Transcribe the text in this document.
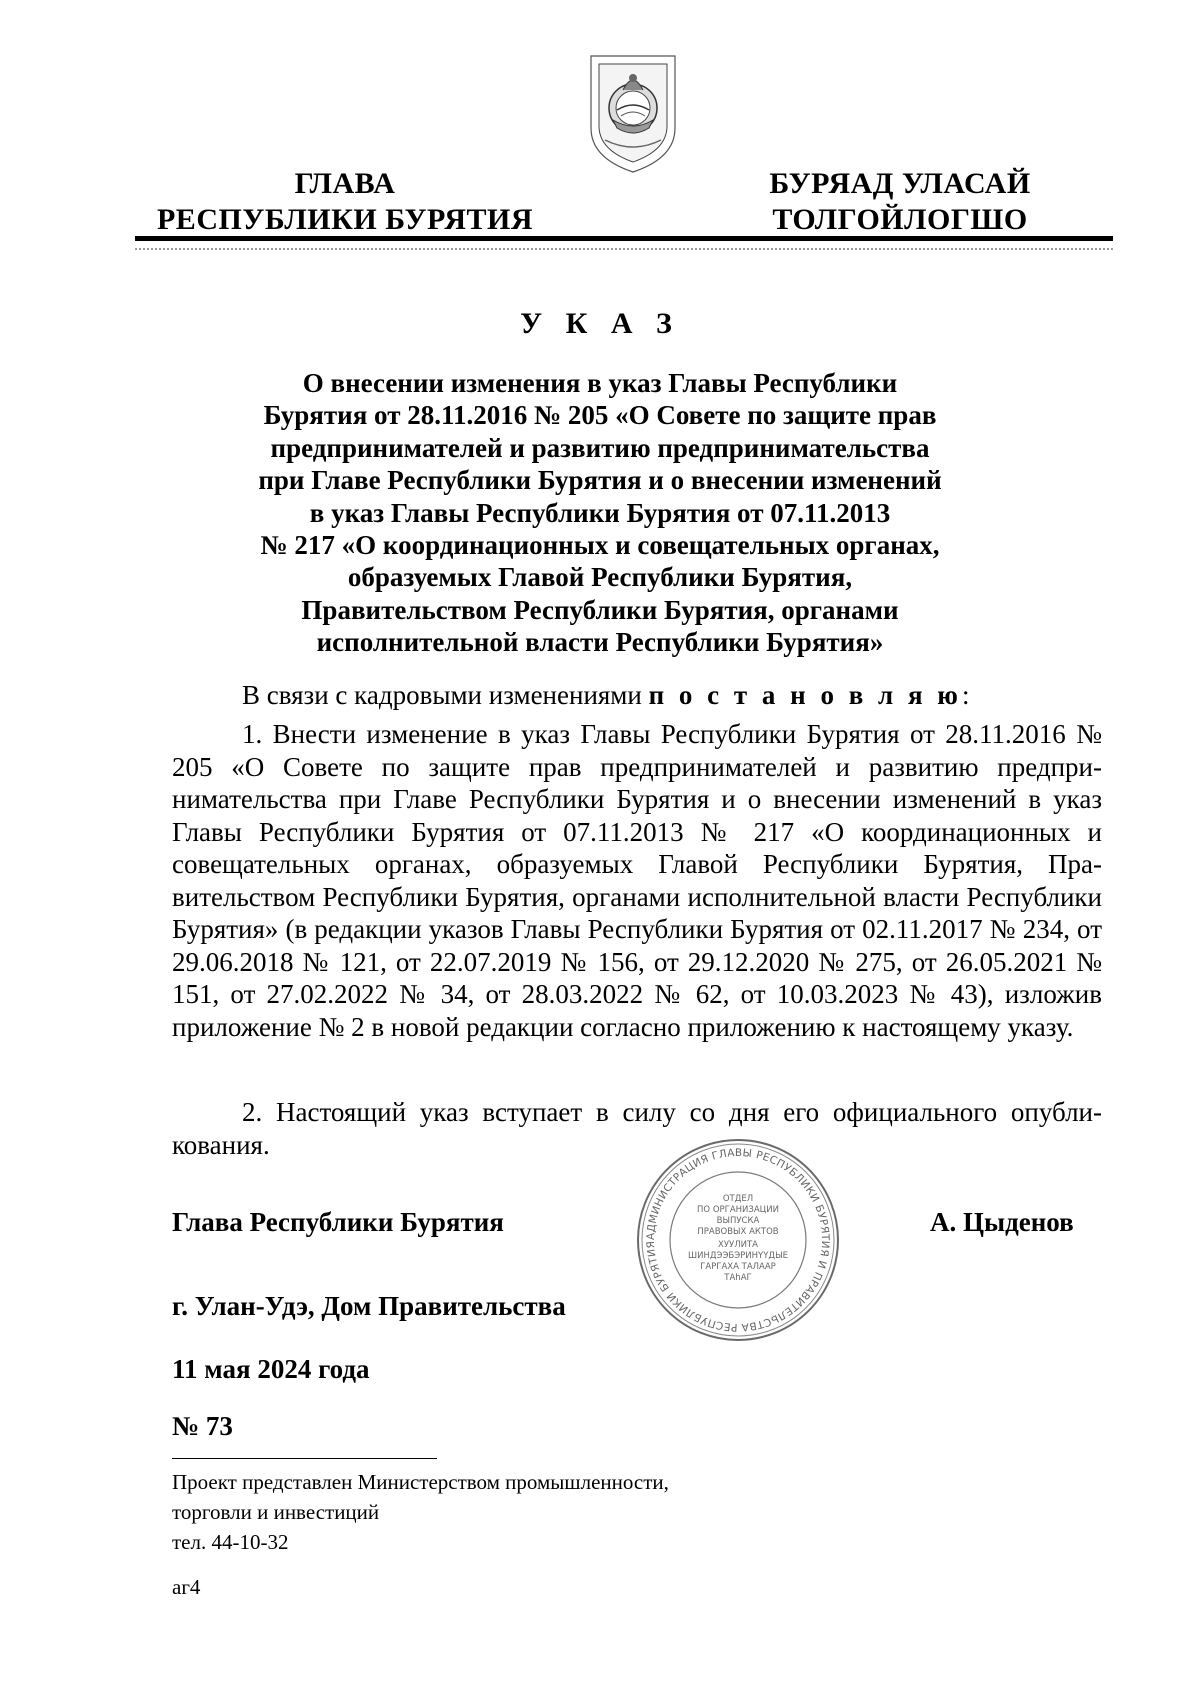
ГЛАВА
РЕСПУБЛИКИ БУРЯТИЯ
БУРЯАД УЛАСАЙ
ТОЛГОЙЛОГШО
У К А З
О внесении изменения в указ Главы Республики
Бурятия от 28.11.2016 № 205 «О Совете по защите прав
предпринимателей и развитию предпринимательства
при Главе Республики Бурятия и о внесении изменений
в указ Главы Республики Бурятия от 07.11.2013
№ 217 «О координационных и совещательных органах,
образуемых Главой Республики Бурятия,
Правительством Республики Бурятия, органами
исполнительной власти Республики Бурятия»
В связи с кадровыми изменениями п о с т а н о в л я ю:
1. Внести изменение в указ Главы Республики Бурятия от 28.11.2016 № 205 «О Совете по защите прав предпринимателей и развитию предпринимательства при Главе Республики Бурятия и о внесении изменений в указ Главы Республики Бурятия от 07.11.2013 № 217 «О координационных и совещательных органах, образуемых Главой Республики Бурятия, Правительством Республики Бурятия, органами исполнительной власти Республики Бурятия» (в редакции указов Главы Республики Бурятия от 02.11.2017 № 234, от 29.06.2018 № 121, от 22.07.2019 № 156, от 29.12.2020 № 275, от 26.05.2021 № 151, от 27.02.2022 № 34, от 28.03.2022 № 62, от 10.03.2023 № 43), изложив приложение № 2 в новой редакции согласно приложению к настоящему указу.
2. Настоящий указ вступает в силу со дня его официального опубликования.
Глава Республики Бурятия	АДМИНИСТРАЦИЯ ГЛАВЫ РЕСПУБЛИКИ БУРЯТИЯ И ПРАВИТЕЛЬСТВА РЕСПУБЛИКИ БУРЯТИЯ
ОТДЕЛ
ПО ОРГАНИЗАЦИИ
ВЫПУСКА
ПРАВОВЫХ АКТОВ
ХУУЛИТА
ШИНДЭЭБЭРИНҮҮДЫЕ
ГАРГАХА ТАЛААР
ТАһАГ
А. Цыденов
г. Улан-Удэ, Дом Правительства
11 мая 2024 года
№ 73
Проект представлен Министерством промышленности,
торговли и инвестиций
тел. 44-10-32
аг4
